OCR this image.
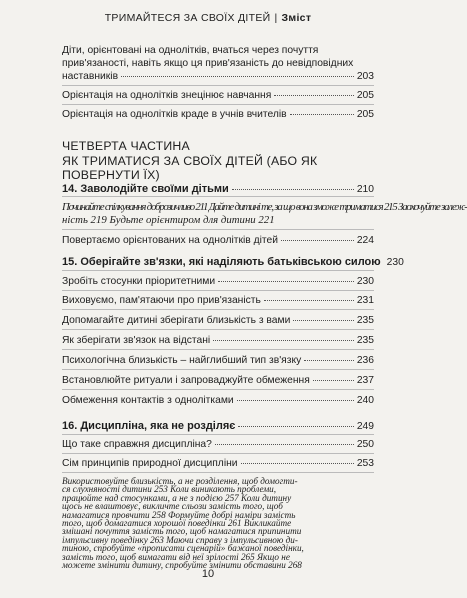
ТРИМАЙТЕСЯ ЗА СВОЇХ ДІТЕЙ | Зміст
Діти, орієнтовані на однолітків, вчаться через почуття
прив'язаності, навіть якщо ця прив'язаність до невідповідних
наставників	203
Орієнтація на однолітків знецінює навчання	205
Орієнтація на однолітків краде в учнів вчителів	205
ЧЕТВЕРТА ЧАСТИНА
ЯК ТРИМАТИСЯ ЗА СВОЇХ ДІТЕЙ (АБО ЯК ПОВЕРНУТИ ЇХ)
14. Заволодійте своїми дітьми	210
Починайте спілкування доброзичливо 211 Дайте дитині те, за що вона зможе триматися 215 Заохочуйте залеж-
ність 219 Будьте орієнтиром для дитини 221
Повертаємо орієнтованих на однолітків дітей	224
15. Оберігайте зв'язки, які наділяють батьківською силою 230
Зробіть стосунки пріоритетними	230
Виховуємо, пам'ятаючи про прив'язаність	231
Допомагайте дитині зберігати близькість з вами	235
Як зберігати зв'язок на відстані	235
Психологічна близькість – найглибший тип зв'язку	236
Встановлюйте ритуали і запроваджуйте обмеження	237
Обмеження контактів з однолітками	240
16. Дисципліна, яка не розділяє	249
Що таке справжня дисципліна?	250
Сім принципів природної дисципліни	253
Використовуйте близькість, а не розділення, щоб домогти-
ся слухняності дитини 253 Коли виникають проблеми,
працюйте над стосунками, а не з подією 257 Коли дитину
щось не влаштовує, викличте сльози замість того, щоб
намагатися провчити 258 Формуйте добрі наміри замість
того, щоб домагатися хорошої поведінки 261 Викликайте
змішані почуття замість того, щоб намагатися припинити
імпульсивну поведінку 263 Маючи справу з імпульсивною ди-
тиною, спробуйте «прописати сценарій» бажаної поведінки,
замість того, щоб вимагати від неї зрілості 265 Якщо не
можете змінити дитину, спробуйте змінити обставини 268
10
